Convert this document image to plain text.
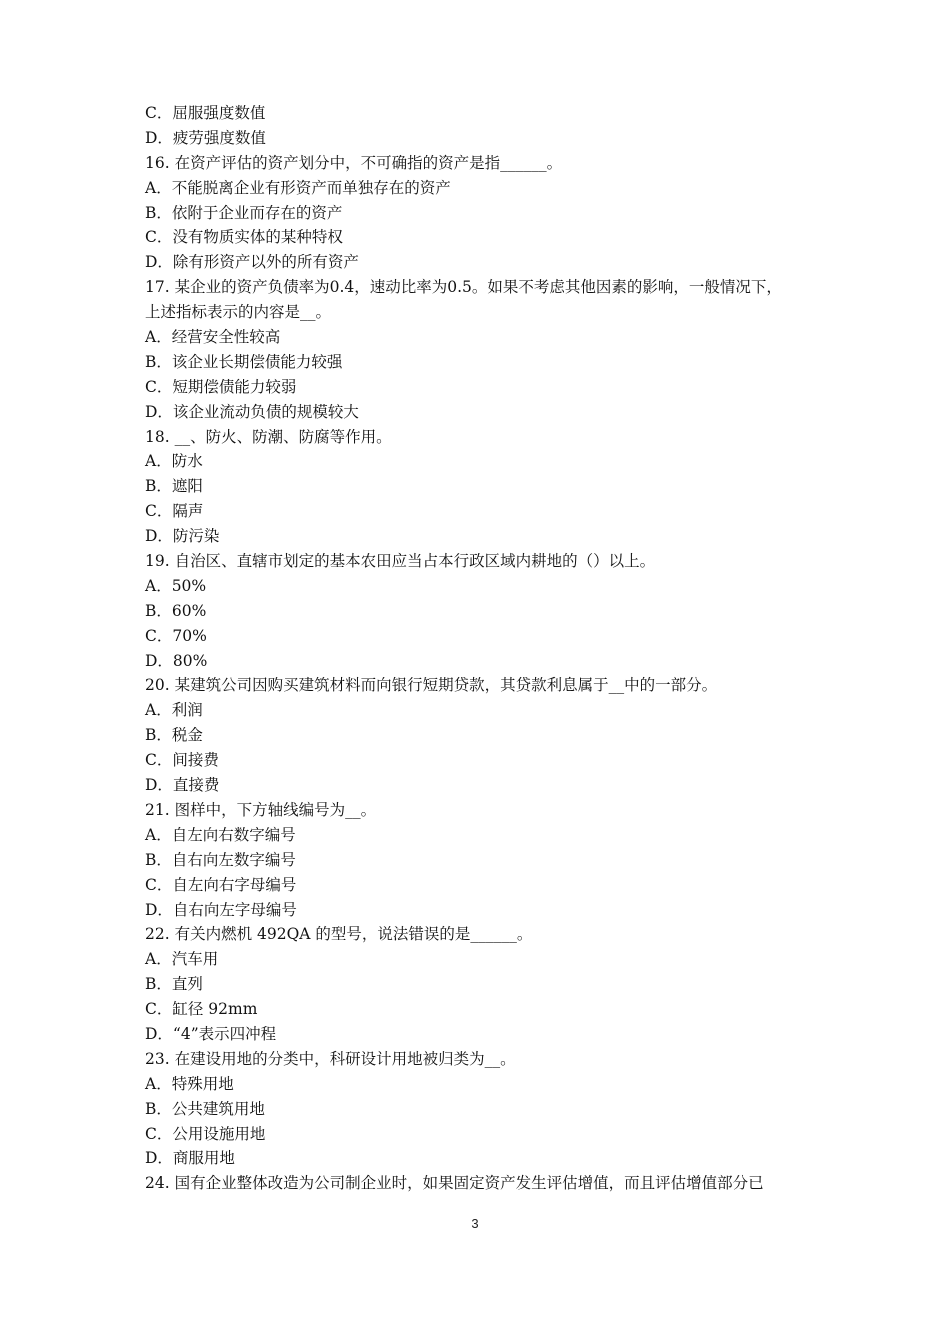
C．屈服强度数值
D．疲劳强度数值
16. 在资产评估的资产划分中，不可确指的资产是指______。
A．不能脱离企业有形资产而单独存在的资产
B．依附于企业而存在的资产
C．没有物质实体的某种特权
D．除有形资产以外的所有资产
17. 某企业的资产负债率为0.4，速动比率为0.5。如果不考虑其他因素的影响，一般情况下，
上述指标表示的内容是__。
A．经营安全性较高
B．该企业长期偿债能力较强
C．短期偿债能力较弱
D．该企业流动负债的规模较大
18. __、防火、防潮、防腐等作用。
A．防水
B．遮阳
C．隔声
D．防污染
19. 自治区、直辖市划定的基本农田应当占本行政区域内耕地的（）以上。
A．50%
B．60%
C．70%
D．80%
20. 某建筑公司因购买建筑材料而向银行短期贷款，其贷款利息属于__中的一部分。
A．利润
B．税金
C．间接费
D．直接费
21. 图样中，下方轴线编号为__。
A．自左向右数字编号
B．自右向左数字编号
C．自左向右字母编号
D．自右向左字母编号
22. 有关内燃机 492QA 的型号，说法错误的是______。
A．汽车用
B．直列
C．缸径 92mm
D．“4”表示四冲程
23. 在建设用地的分类中，科研设计用地被归类为__。
A．特殊用地
B．公共建筑用地
C．公用设施用地
D．商服用地
24. 国有企业整体改造为公司制企业时，如果固定资产发生评估增值，而且评估增值部分已
3
